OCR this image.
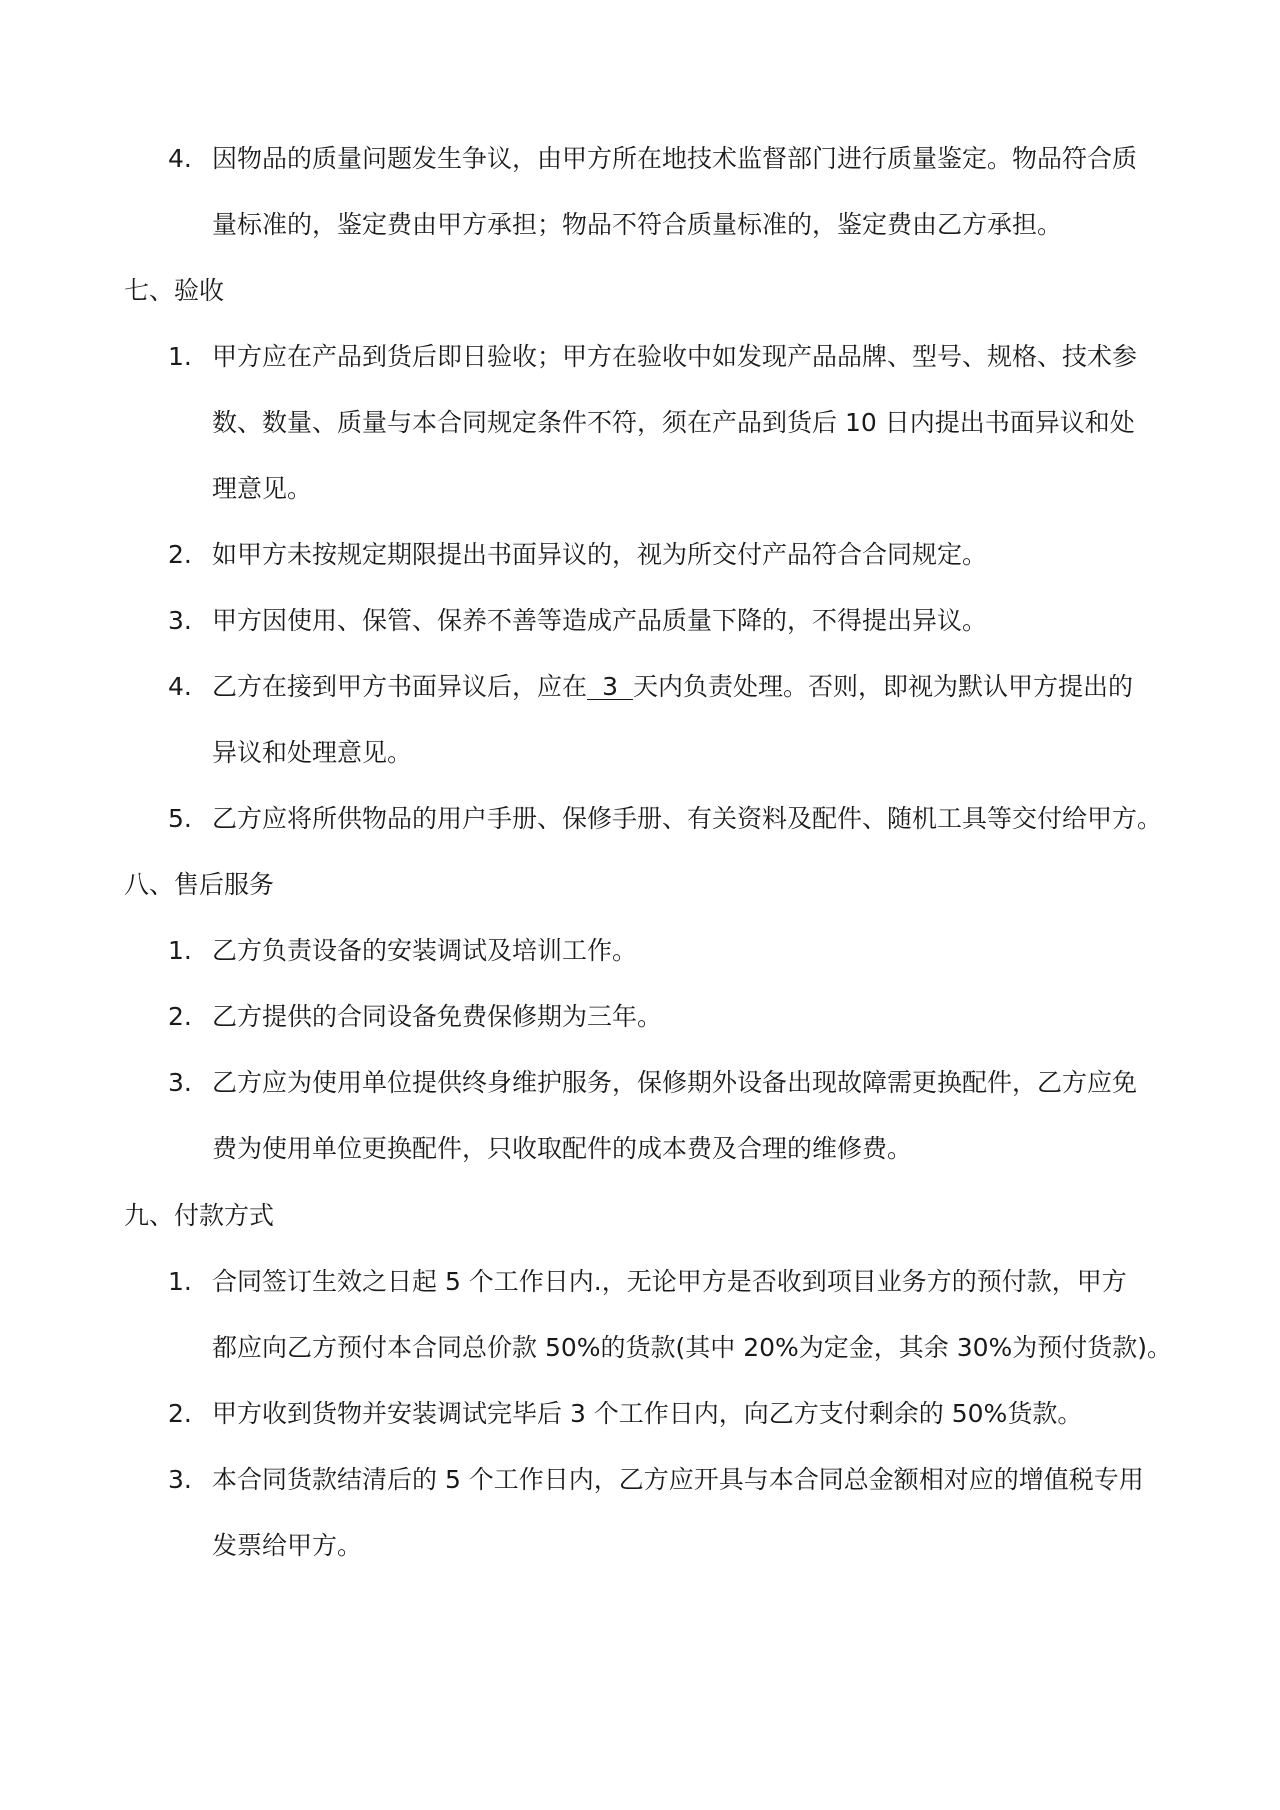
4. 因物品的质量问题发生争议，由甲方所在地技术监督部门进行质量鉴定。物品符合质
量标准的，鉴定费由甲方承担；物品不符合质量标准的，鉴定费由乙方承担。
七、验收
1. 甲方应在产品到货后即日验收；甲方在验收中如发现产品品牌、型号、规格、技术参
数、数量、质量与本合同规定条件不符，须在产品到货后 10 日内提出书面异议和处
理意见。
2. 如甲方未按规定期限提出书面异议的，视为所交付产品符合合同规定。
3. 甲方因使用、保管、保养不善等造成产品质量下降的，不得提出异议。
4. 乙方在接到甲方书面异议后，应在 3 天内负责处理。否则，即视为默认甲方提出的
异议和处理意见。
5. 乙方应将所供物品的用户手册、保修手册、有关资料及配件、随机工具等交付给甲方。
八、售后服务
1. 乙方负责设备的安装调试及培训工作。
2. 乙方提供的合同设备免费保修期为三年。
3. 乙方应为使用单位提供终身维护服务，保修期外设备出现故障需更换配件，乙方应免
费为使用单位更换配件，只收取配件的成本费及合理的维修费。
九、付款方式
1. 合同签订生效之日起 5 个工作日内.，无论甲方是否收到项目业务方的预付款，甲方
都应向乙方预付本合同总价款 50%的货款(其中 20%为定金，其余 30%为预付货款)。
2. 甲方收到货物并安装调试完毕后 3 个工作日内，向乙方支付剩余的 50%货款。
3. 本合同货款结清后的 5 个工作日内，乙方应开具与本合同总金额相对应的增值税专用
发票给甲方。
